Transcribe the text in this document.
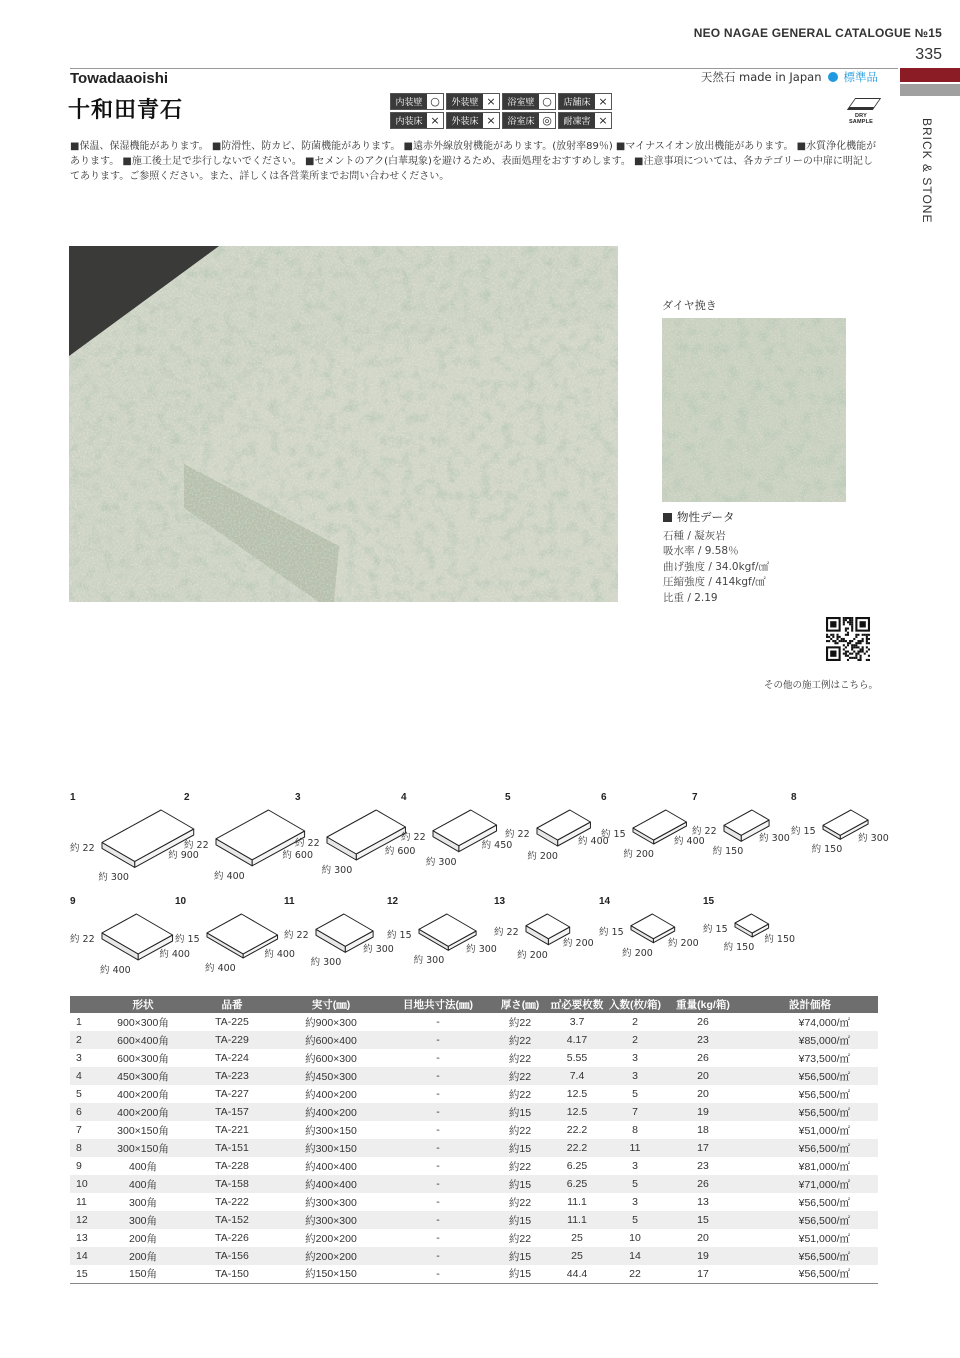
NEO NAGAE GENERAL CATALOGUE №15
335
BRICK & STONE
Towadaaoishi
十和田青石
天然石 made in Japan 標準品
DRY SAMPLE
内装壁 ○	外装壁 ×	浴室壁 ○	店舗床 ×
内装床 ×	外装床 ×	浴室床 ◎	耐凍害 ×
■保温、保湿機能があります。 ■防滑性、防カビ、防菌機能があります。 ■遠赤外線放射機能があります。(放射率89％) ■マイナスイオン放出機能があります。 ■水質浄化機能があります。 ■施工後土足で歩行しないでください。 ■セメントのアク(白華現象)を避けるため、表面処理をおすすめします。 ■注意事項については、各カテゴリーの中扉に明記してあります。ご参照ください。また、詳しくは各営業所までお問い合わせください。
ダイヤ挽き
物性データ
石種 / 凝灰岩
吸水率 / 9.58％
曲げ強度 / 34.0kgf/㎠
圧縮強度 / 414kgf/㎠
比重 / 2.19
その他の施工例はこちら。
1
約 22
約 300
約 900
2
約 22
約 400
約 600
3
約 22
約 300
約 600
4
約 22
約 300
約 450
5
約 22
約 200
約 400
6
約 15
約 200
約 400
7
約 22
約 150
約 300
8
約 15
約 150
約 300
9
約 22
約 400
約 400
10
約 15
約 400
約 400
11
約 22
約 300
約 300
12
約 15
約 300
約 300
13
約 22
約 200
約 200
14
約 15
約 200
約 200
15
約 15
約 150
約 150
	形状	品番	実寸(㎜)	目地共寸法(㎜)	厚さ(㎜)	㎡必要枚数	入数(枚/箱)	重量(kg/箱)	設計価格
1	900×300角	TA-225	約900×300	-	約22	3.7	2	26	¥74,000/㎡
2	600×400角	TA-229	約600×400	-	約22	4.17	2	23	¥85,000/㎡
3	600×300角	TA-224	約600×300	-	約22	5.55	3	26	¥73,500/㎡
4	450×300角	TA-223	約450×300	-	約22	7.4	3	20	¥56,500/㎡
5	400×200角	TA-227	約400×200	-	約22	12.5	5	20	¥56,500/㎡
6	400×200角	TA-157	約400×200	-	約15	12.5	7	19	¥56,500/㎡
7	300×150角	TA-221	約300×150	-	約22	22.2	8	18	¥51,000/㎡
8	300×150角	TA-151	約300×150	-	約15	22.2	11	17	¥56,500/㎡
9	400角	TA-228	約400×400	-	約22	6.25	3	23	¥81,000/㎡
10	400角	TA-158	約400×400	-	約15	6.25	5	26	¥71,000/㎡
11	300角	TA-222	約300×300	-	約22	11.1	3	13	¥56,500/㎡
12	300角	TA-152	約300×300	-	約15	11.1	5	15	¥56,500/㎡
13	200角	TA-226	約200×200	-	約22	25	10	20	¥51,000/㎡
14	200角	TA-156	約200×200	-	約15	25	14	19	¥56,500/㎡
15	150角	TA-150	約150×150	-	約15	44.4	22	17	¥56,500/㎡
